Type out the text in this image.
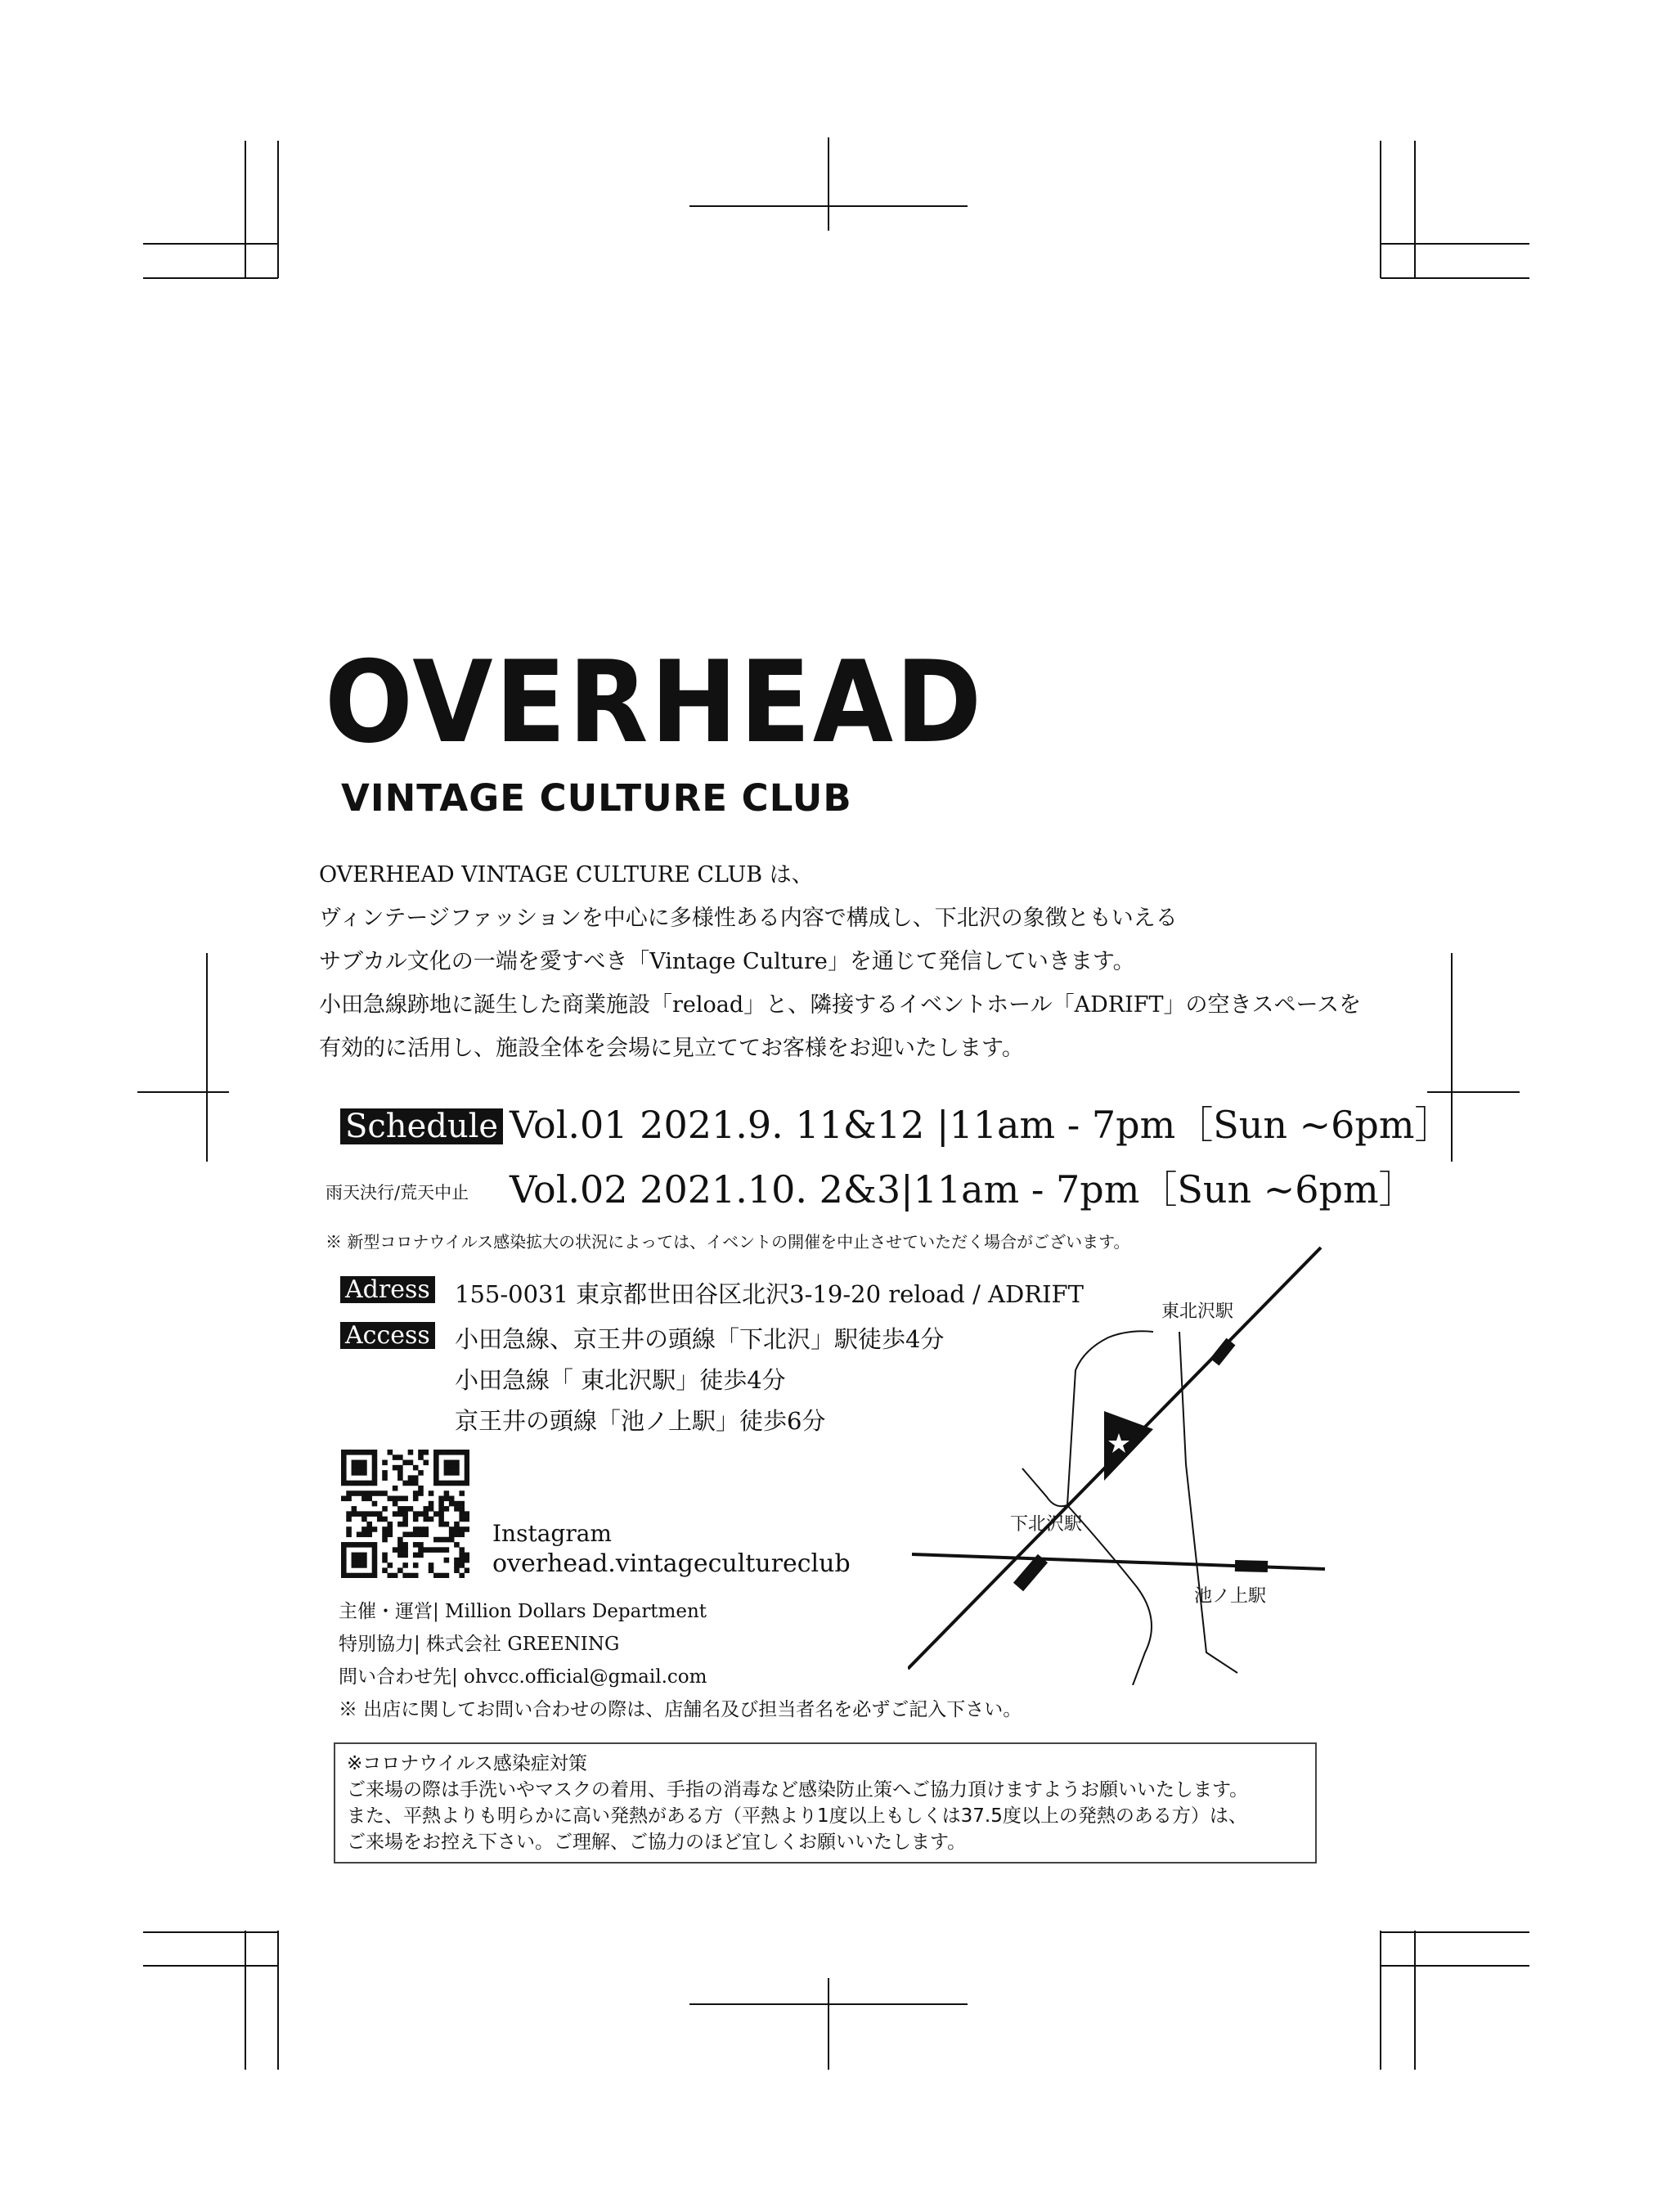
OVERHEAD
VINTAGE CULTURE CLUB
OVERHEAD VINTAGE CULTURE CLUB は、
ヴィンテージファッションを中心に多様性ある内容で構成し、下北沢の象徴ともいえる
サブカル文化の一端を愛すべき「Vintage Culture」を通じて発信していきます。
小田急線跡地に誕生した商業施設「reload」と、隣接するイベントホール「ADRIFT」の空きスペースを
有効的に活用し、施設全体を会場に見立ててお客様をお迎いたします。
Schedule Vol.01 2021.9. 11&12 |11am - 7pm［Sun ~6pm］
雨天決行/荒天中止 Vol.02 2021.10. 2&3|11am - 7pm［Sun ~6pm］
※ 新型コロナウイルス感染拡大の状況によっては、イベントの開催を中止させていただく場合がございます。
Adress 155-0031 東京都世田谷区北沢3-19-20 reload / ADRIFT
Access 小田急線、京王井の頭線「下北沢」駅徒歩4分
小田急線「 東北沢駅」徒歩4分
京王井の頭線「池ノ上駅」徒歩6分
Instagram
overhead.vintagecultureclub
主催・運営| Million Dollars Department
特別協力| 株式会社 GREENING
問い合わせ先| ohvcc.official@gmail.com
※ 出店に関してお問い合わせの際は、店舗名及び担当者名を必ずご記入下さい。
東北沢駅
下北沢駅
池ノ上駅
※コロナウイルス感染症対策
ご来場の際は手洗いやマスクの着用、手指の消毒など感染防止策へご協力頂けますようお願いいたします。
また、平熱よりも明らかに高い発熱がある方（平熱より1度以上もしくは37.5度以上の発熱のある方）は、
ご来場をお控え下さい。ご理解、ご協力のほど宜しくお願いいたします。
